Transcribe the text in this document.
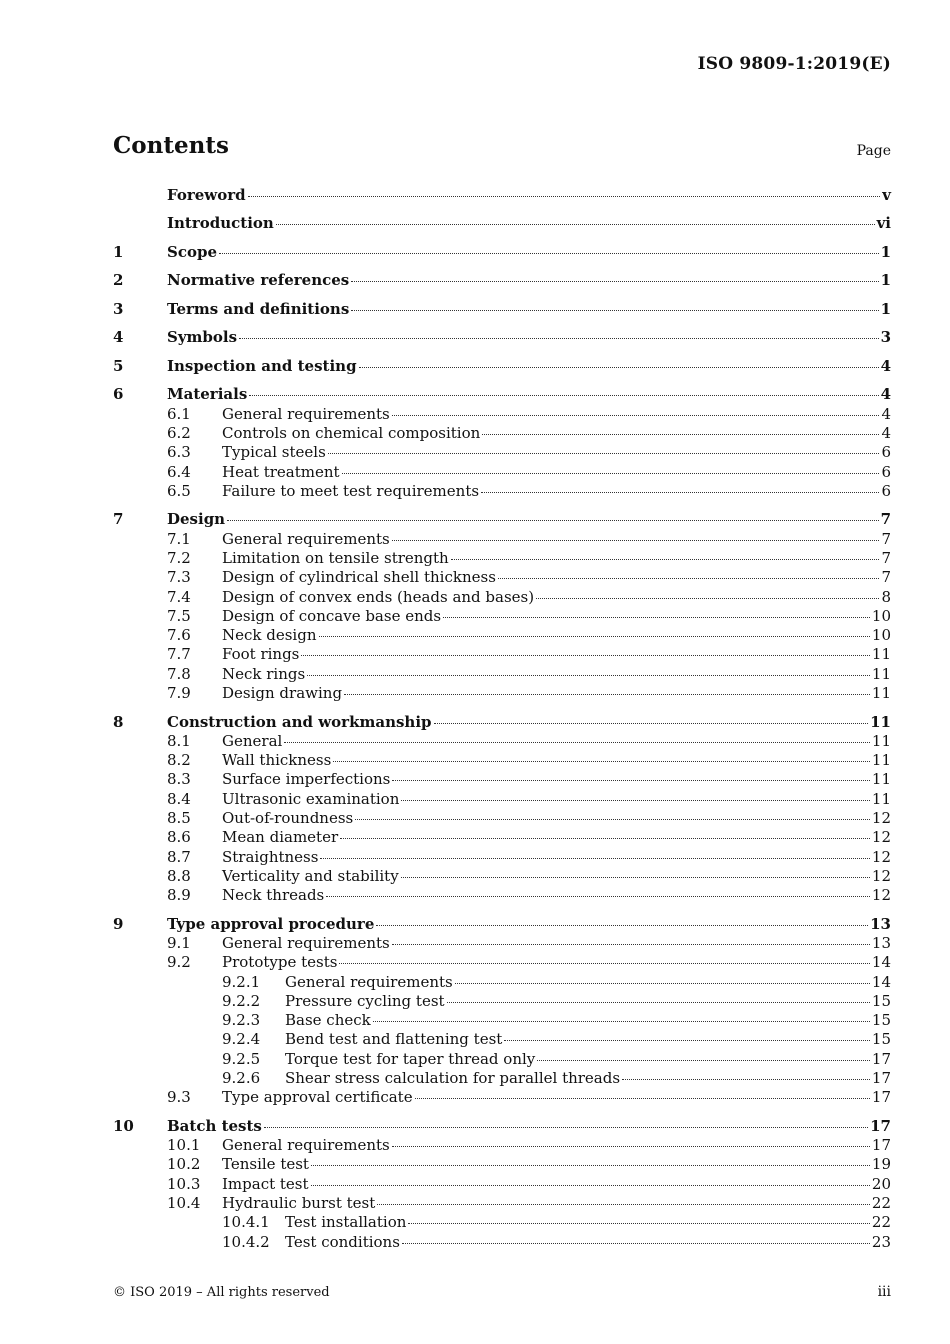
ISO 9809-1:2019(E)
Contents	Page
Foreword	v
Introduction	vi
1	Scope	1
2	Normative references	1
3	Terms and definitions	1
4	Symbols	3
5	Inspection and testing	4
6	Materials	4
6.1	General requirements	4
6.2	Controls on chemical composition	4
6.3	Typical steels	6
6.4	Heat treatment	6
6.5	Failure to meet test requirements	6
7	Design	7
7.1	General requirements	7
7.2	Limitation on tensile strength	7
7.3	Design of cylindrical shell thickness	7
7.4	Design of convex ends (heads and bases)	8
7.5	Design of concave base ends	10
7.6	Neck design	10
7.7	Foot rings	11
7.8	Neck rings	11
7.9	Design drawing	11
8	Construction and workmanship	11
8.1	General	11
8.2	Wall thickness	11
8.3	Surface imperfections	11
8.4	Ultrasonic examination	11
8.5	Out-of-roundness	12
8.6	Mean diameter	12
8.7	Straightness	12
8.8	Verticality and stability	12
8.9	Neck threads	12
9	Type approval procedure	13
9.1	General requirements	13
9.2	Prototype tests	14
9.2.1	General requirements	14
9.2.2	Pressure cycling test	15
9.2.3	Base check	15
9.2.4	Bend test and flattening test	15
9.2.5	Torque test for taper thread only	17
9.2.6	Shear stress calculation for parallel threads	17
9.3	Type approval certificate	17
10	Batch tests	17
10.1	General requirements	17
10.2	Tensile test	19
10.3	Impact test	20
10.4	Hydraulic burst test	22
10.4.1	Test installation	22
10.4.2	Test conditions	23
© ISO 2019 – All rights reserved	iii
